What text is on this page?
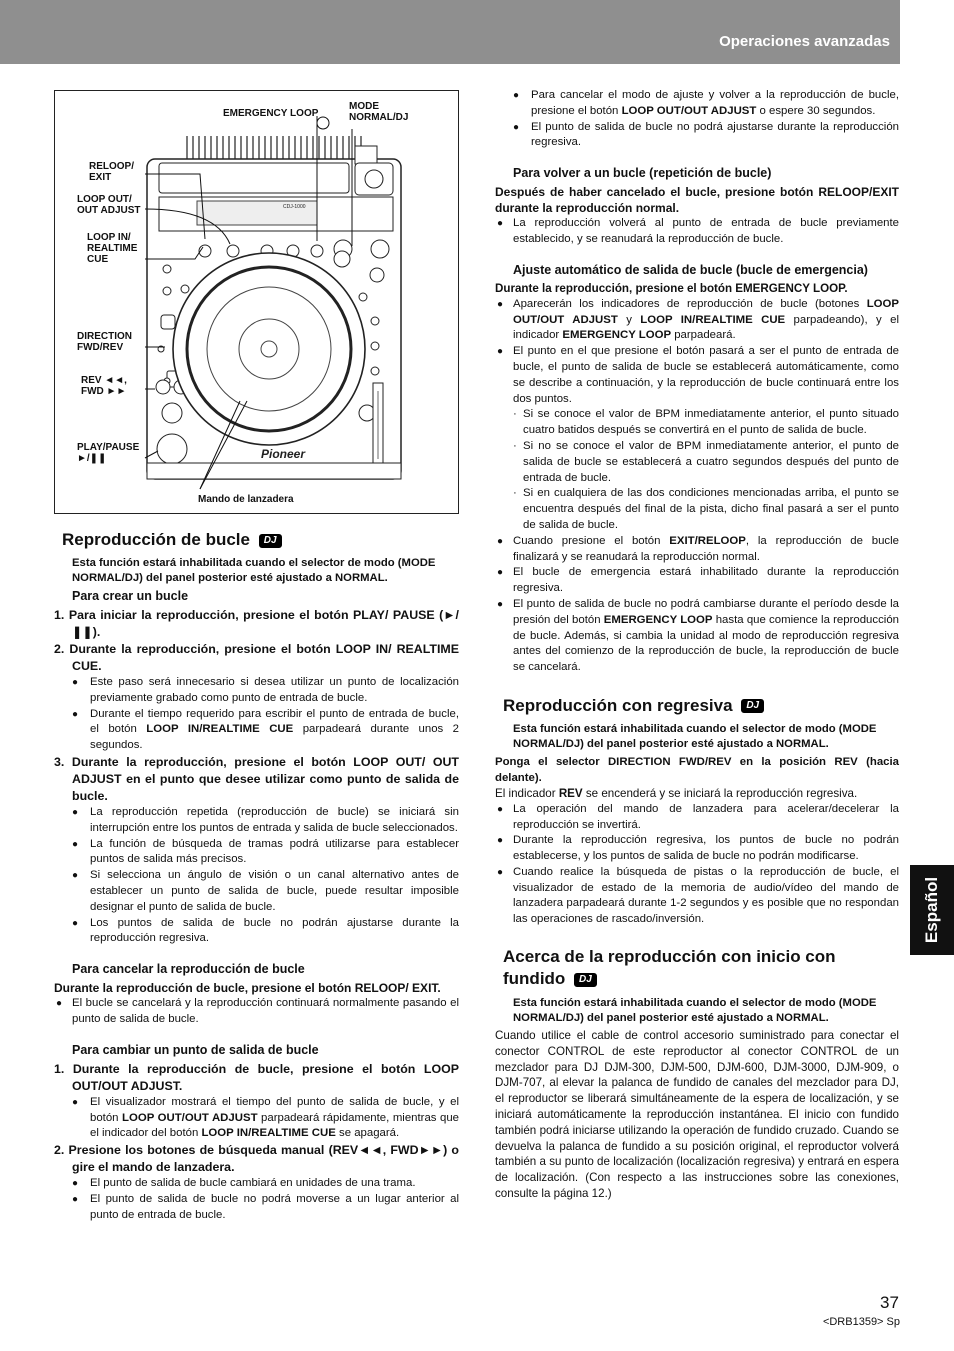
Operaciones avanzadas
Español
Pioneer
CDJ-1000
EMERGENCY LOOP
MODE
NORMAL/DJ
RELOOP/
EXIT
LOOP OUT/
OUT ADJUST
LOOP IN/
REALTIME
CUE
DIRECTION
FWD/REV
REV ◄◄,
FWD ►►
PLAY/PAUSE
►/❚❚
Mando de lanzadera
Reproducción de bucle DJ
Esta función estará inhabilitada cuando el selector de modo (MODE NORMAL/DJ) del panel posterior esté ajustado a NORMAL.
Para crear un bucle
1. Para iniciar la reproducción, presione el botón PLAY/ PAUSE (►/❚❚).
2. Durante la reproducción, presione el botón LOOP IN/ REALTIME CUE.
● Este paso será innecesario si desea utilizar un punto de localización previamente grabado como punto de entrada de bucle.
● Durante el tiempo requerido para escribir el punto de entrada de bucle, el botón LOOP IN/REALTIME CUE parpadeará durante unos 2 segundos.
3. Durante la reproducción, presione el botón LOOP OUT/ OUT ADJUST en el punto que desee utilizar como punto de salida de bucle.
● La reproducción repetida (reproducción de bucle) se iniciará sin interrupción entre los puntos de entrada y salida de bucle seleccionados.
● La función de búsqueda de tramas podrá utilizarse para establecer puntos de salida más precisos.
● Si selecciona un ángulo de visión o un canal alternativo antes de establecer un punto de salida de bucle, puede resultar imposible designar el punto de salida de bucle.
● Los puntos de salida de bucle no podrán ajustarse durante la reproducción regresiva.
Para cancelar la reproducción de bucle
Durante la reproducción de bucle, presione el botón RELOOP/ EXIT.
● El bucle se cancelará y la reproducción continuará normalmente pasando el punto de salida de bucle.
Para cambiar un punto de salida de bucle
1. Durante la reproducción de bucle, presione el botón LOOP OUT/OUT ADJUST.
● El visualizador mostrará el tiempo del punto de salida de bucle, y el botón LOOP OUT/OUT ADJUST parpadeará rápidamente, mientras que el indicador del botón LOOP IN/REALTIME CUE se apagará.
2. Presione los botones de búsqueda manual (REV◄◄, FWD►►) o gire el mando de lanzadera.
● El punto de salida de bucle cambiará en unidades de una trama.
● El punto de salida de bucle no podrá moverse a un lugar anterior al punto de entrada de bucle.
● Para cancelar el modo de ajuste y volver a la reproducción de bucle, presione el botón LOOP OUT/OUT ADJUST o espere 30 segundos.
● El punto de salida de bucle no podrá ajustarse durante la reproducción regresiva.
Para volver a un bucle (repetición de bucle)
Después de haber cancelado el bucle, presione botón RELOOP/EXIT durante la reproducción normal.
● La reproducción volverá al punto de entrada de bucle previamente establecido, y se reanudará la reproducción de bucle.
Ajuste automático de salida de bucle (bucle de emergencia)
Durante la reproducción, presione el botón EMERGENCY LOOP.
● Aparecerán los indicadores de reproducción de bucle (botones LOOP OUT/OUT ADJUST y LOOP IN/REALTIME CUE parpadeando), y el indicador EMERGENCY LOOP parpadeará.
● El punto en el que presione el botón pasará a ser el punto de entrada de bucle, el punto de salida de bucle se establecerá automáticamente, como se describe a continuación, y la reproducción de bucle continuará entre los dos puntos.
· Si se conoce el valor de BPM inmediatamente anterior, el punto situado cuatro batidos después se convertirá en el punto de salida de bucle.
· Si no se conoce el valor de BPM inmediatamente anterior, el punto de salida de bucle se establecerá a cuatro segundos después del punto de entrada de bucle.
· Si en cualquiera de las dos condiciones mencionadas arriba, el punto se encuentra después del final de la pista, dicho final pasará a ser el punto de salida de bucle.
● Cuando presione el botón EXIT/RELOOP, la reproducción de bucle finalizará y se reanudará la reproducción normal.
● El bucle de emergencia estará inhabilitado durante la reproducción regresiva.
● El punto de salida de bucle no podrá cambiarse durante el período desde la presión del botón EMERGENCY LOOP hasta que comience la reproducción de bucle. Además, si cambia la unidad al modo de reproducción regresiva antes del comienzo de la reproducción de bucle, la reproducción de bucle se cancelará.
Reproducción con regresiva DJ
Esta función estará inhabilitada cuando el selector de modo (MODE NORMAL/DJ) del panel posterior esté ajustado a NORMAL.
Ponga el selector DIRECTION FWD/REV en la posición REV (hacia delante).
El indicador REV se encenderá y se iniciará la reproducción regresiva.
● La operación del mando de lanzadera para acelerar/decelerar la reproducción se invertirá.
● Durante la reproducción regresiva, los puntos de bucle no podrán establecerse, y los puntos de salida de bucle no podrán modificarse.
● Cuando realice la búsqueda de pistas o la reproducción de bucle, el visualizador de estado de la memoria de audio/vídeo del mando de lanzadera parpadeará durante 1-2 segundos y es posible que no respondan las operaciones de rascado/inversión.
Acerca de la reproducción con inicio con
fundido DJ
Esta función estará inhabilitada cuando el selector de modo (MODE NORMAL/DJ) del panel posterior esté ajustado a NORMAL.
Cuando utilice el cable de control accesorio suministrado para conectar el conector CONTROL de este reproductor al conector CONTROL de un mezclador para DJ DJM-300, DJM-500, DJM-600, DJM-3000, DJM-909, o DJM-707, al elevar la palanca de fundido de canales del mezclador para DJ, el reproductor se liberará simultáneamente de la espera de localización, y se iniciará automáticamente la reproducción instantánea. El inicio con fundido también podrá iniciarse utilizando la operación de fundido cruzado. Cuando se devuelva la palanca de fundido a su posición original, el reproductor volverá también a su punto de localización (localización regresiva) y entrará en espera de localización. (Con respecto a las instrucciones sobre las conexiones, consulte la página 12.)
37
<DRB1359> Sp
